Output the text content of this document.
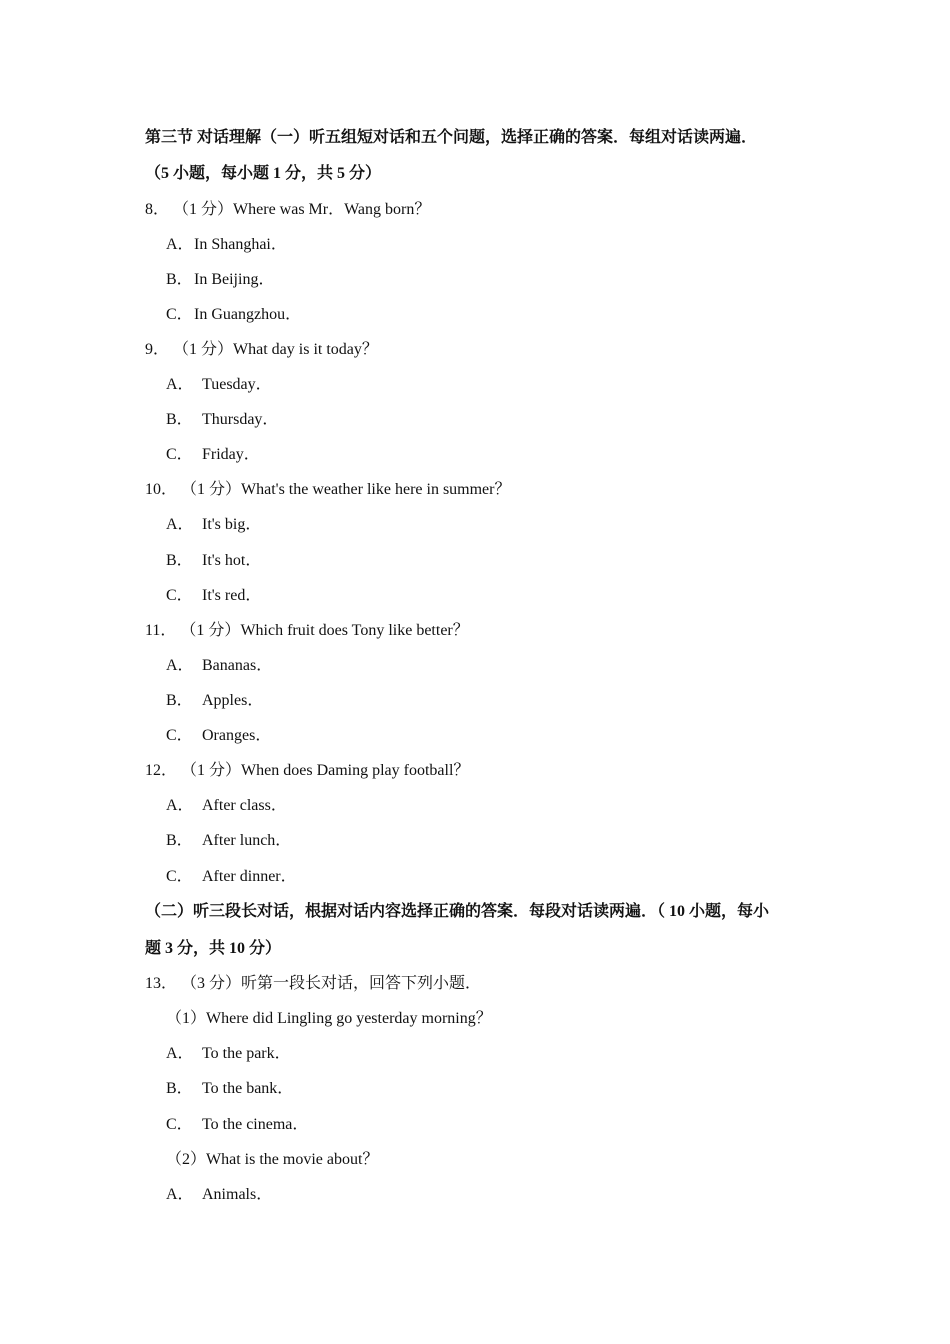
第三节 对话理解（一）听五组短对话和五个问题，选择正确的答案．每组对话读两遍．
（5 小题，每小题 1 分，共 5 分）
8． （1 分）Where was Mr．Wang born？
A．In Shanghai．
B．In Beijing．
C．In Guangzhou．
9． （1 分）What day is it today？
A． Tuesday．
B． Thursday．
C． Friday．
10． （1 分）What's the weather like here in summer？
A． It's big．
B． It's hot．
C． It's red．
11． （1 分）Which fruit does Tony like better？
A． Bananas．
B． Apples．
C． Oranges．
12． （1 分）When does Daming play football？
A． After class．
B． After lunch．
C． After dinner．
（二）听三段长对话，根据对话内容选择正确的答案．每段对话读两遍．（ 10 小题，每小
题 3 分，共 10 分）
13． （3 分）听第一段长对话，回答下列小题．
（1）Where did Lingling go yesterday morning？
A． To the park．
B． To the bank．
C． To the cinema．
（2）What is the movie about？
A． Animals．
